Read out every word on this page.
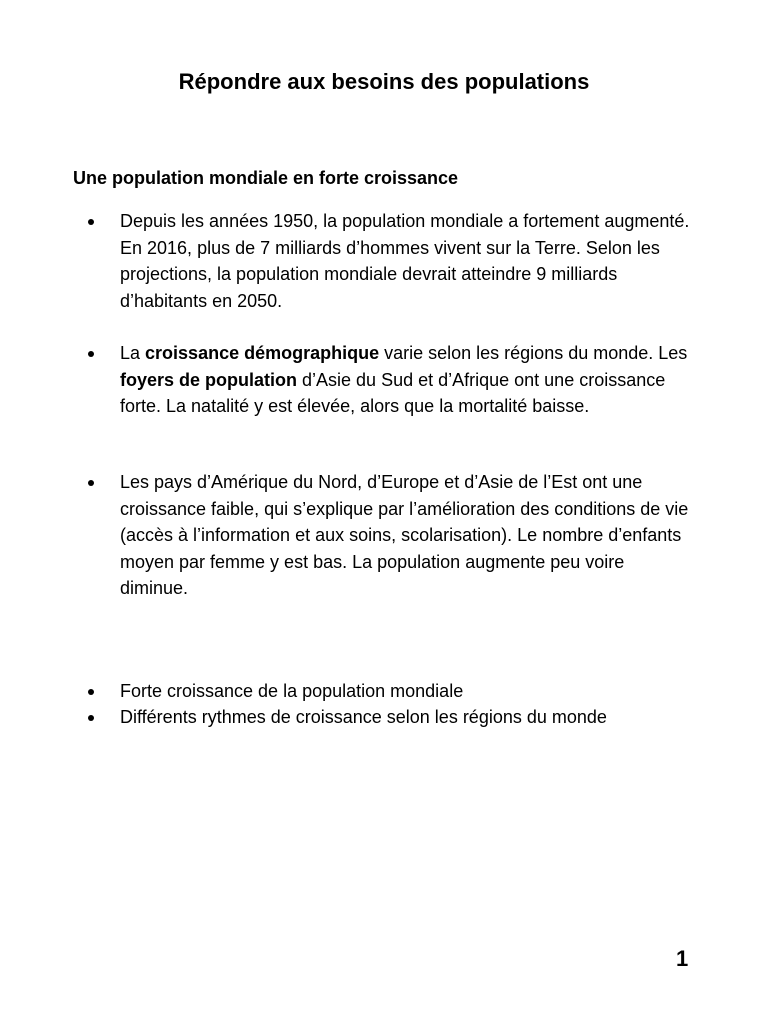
Répondre aux besoins des populations
Une population mondiale en forte croissance
Depuis les années 1950, la population mondiale a fortement augmenté. En 2016, plus de 7 milliards d’hommes vivent sur la Terre. Selon les projections, la population mondiale devrait atteindre 9 milliards d’habitants en 2050.
La croissance démographique varie selon les régions du monde. Les foyers de population d’Asie du Sud et d’Afrique ont une croissance forte. La natalité y est élevée, alors que la mortalité baisse.
Les pays d’Amérique du Nord, d’Europe et d’Asie de l’Est ont une croissance faible, qui s’explique par l’amélioration des conditions de vie (accès à l’information et aux soins, scolarisation). Le nombre d’enfants moyen par femme y est bas. La population augmente peu voire diminue.
Forte croissance de la population mondiale
Différents rythmes de croissance selon les régions du monde
1
